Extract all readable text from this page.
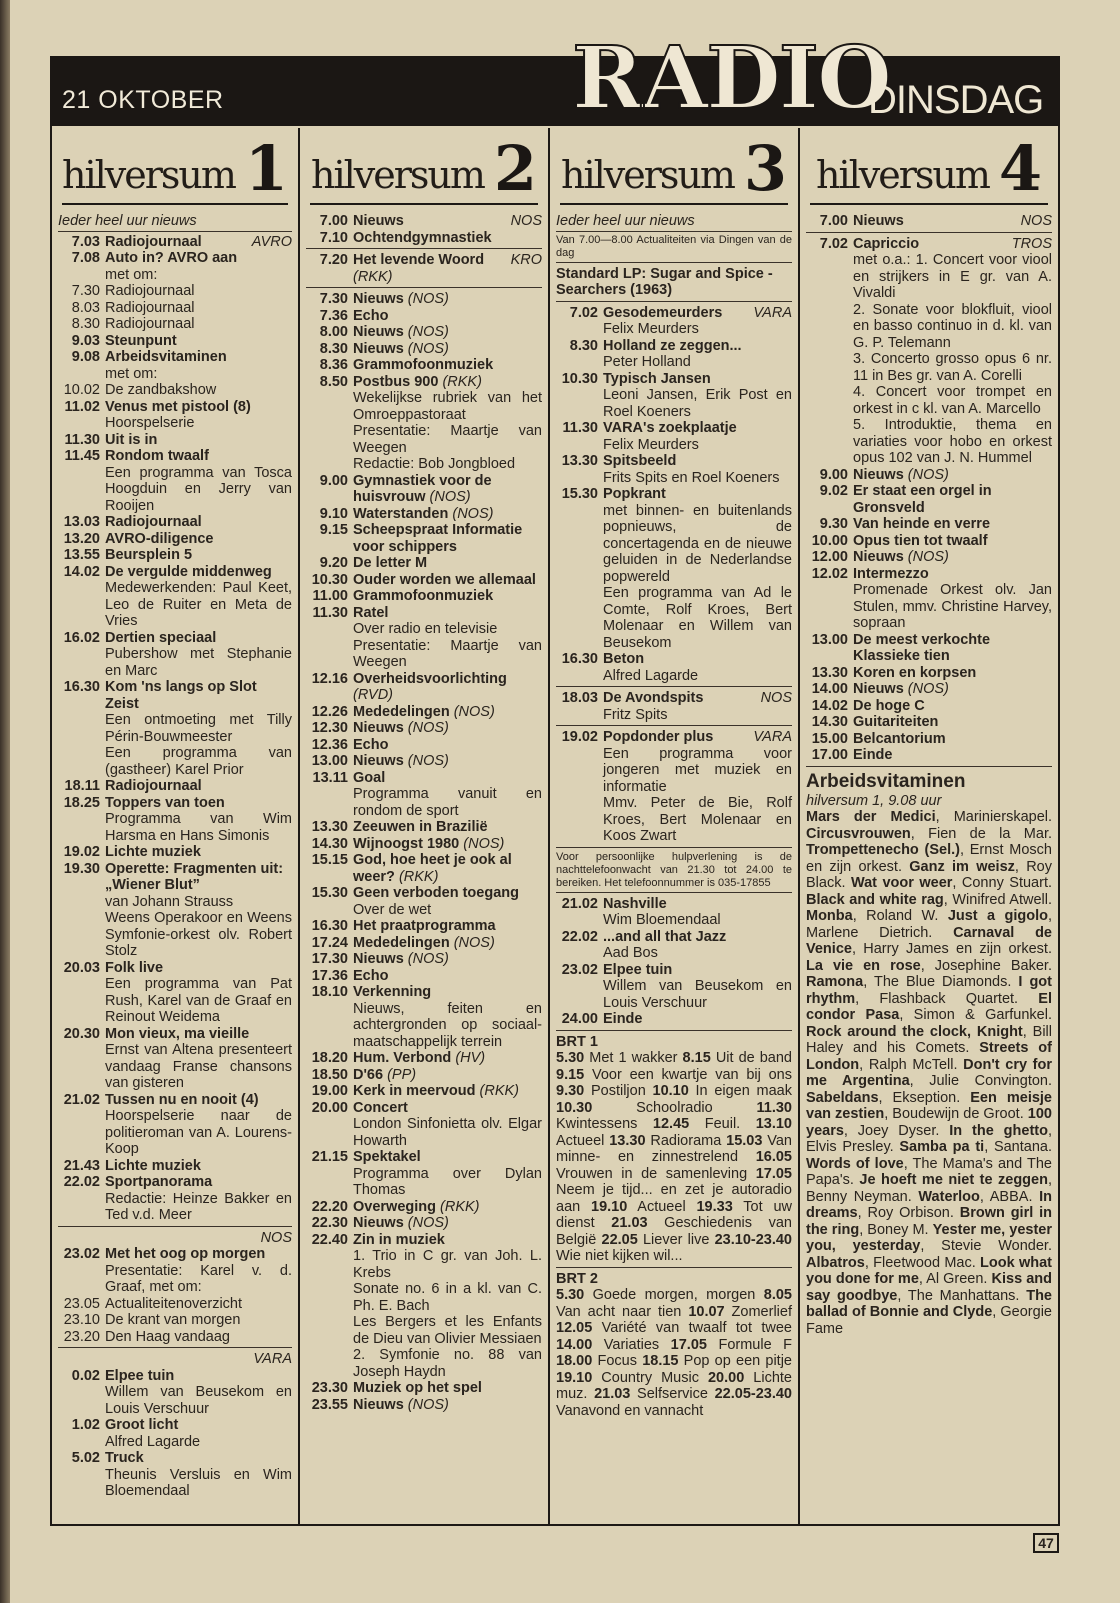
21 OKTOBER	RADIO
DINSDAG
hilversum 1
Ieder heel uur nieuws
7.03 Radiojournaal	AVRO
7.08 Auto in? AVRO aan
met om:
7.30 Radiojournaal
8.03 Radiojournaal
8.30 Radiojournaal
9.03 Steunpunt
9.08 Arbeidsvitaminen
met om:
10.02 De zandbakshow
11.02 Venus met pistool (8)
Hoorspelserie
11.30 Uit is in
11.45 Rondom twaalf
Een programma van Tosca Hoogduin en Jerry van Rooijen
13.03 Radiojournaal
13.20 AVRO-diligence
13.55 Beursplein 5
14.02 De vergulde middenweg
Medewerkenden: Paul Keet, Leo de Ruiter en Meta de Vries
16.02 Dertien speciaal
Pubershow met Stephanie en Marc
16.30 Kom 'ns langs op Slot Zeist
Een ontmoeting met Tilly Périn-Bouwmeester
Een programma van (gastheer) Karel Prior
18.11 Radiojournaal
18.25 Toppers van toen
Programma van Wim Harsma en Hans Simonis
19.02 Lichte muziek
19.30 Operette: Fragmenten uit: „Wiener Blut”
van Johann Strauss
Weens Operakoor en Weens Symfonie-orkest olv. Robert Stolz
20.03 Folk live
Een programma van Pat Rush, Karel van de Graaf en Reinout Weidema
20.30 Mon vieux, ma vieille
Ernst van Altena presenteert vandaag Franse chansons van gisteren
21.02 Tussen nu en nooit (4)
Hoorspelserie naar de politieroman van A. Lourens-Koop
21.43 Lichte muziek
22.02 Sportpanorama
Redactie: Heinze Bakker en Ted v.d. Meer
NOS
23.02 Met het oog op morgen
Presentatie: Karel v. d. Graaf, met om:
23.05 Actualiteitenoverzicht
23.10 De krant van morgen
23.20 Den Haag vandaag
VARA
0.02 Elpee tuin
Willem van Beusekom en Louis Verschuur
1.02 Groot licht
Alfred Lagarde
5.02 Truck
Theunis Versluis en Wim Bloemendaal
hilversum 2
7.00 Nieuws	NOS
7.10 Ochtendgymnastiek
7.20 Het levende Woord KRO
(RKK)
7.30 Nieuws (NOS)
7.36 Echo
8.00 Nieuws (NOS)
8.30 Nieuws (NOS)
8.36 Grammofoonmuziek
8.50 Postbus 900 (RKK)
Wekelijkse rubriek van het Omroeppastoraat
Presentatie: Maartje van Weegen
Redactie: Bob Jongbloed
9.00 Gymnastiek voor de huisvrouw (NOS)
9.10 Waterstanden (NOS)
9.15 Scheepspraat Informatie voor schippers
9.20 De letter M
10.30 Ouder worden we allemaal
11.00 Grammofoonmuziek
11.30 Ratel
Over radio en televisie
Presentatie: Maartje van Weegen
12.16 Overheidsvoorlichting
(RVD)
12.26 Mededelingen (NOS)
12.30 Nieuws (NOS)
12.36 Echo
13.00 Nieuws (NOS)
13.11 Goal
Programma vanuit en rondom de sport
13.30 Zeeuwen in Brazilië
14.30 Wijnoogst 1980 (NOS)
15.15 God, hoe heet je ook al weer? (RKK)
15.30 Geen verboden toegang
Over de wet
16.30 Het praatprogramma
17.24 Mededelingen (NOS)
17.30 Nieuws (NOS)
17.36 Echo
18.10 Verkenning
Nieuws, feiten en achtergronden op sociaal-maatschappelijk terrein
18.20 Hum. Verbond (HV)
18.50 D'66 (PP)
19.00 Kerk in meervoud (RKK)
20.00 Concert
London Sinfonietta olv. Elgar Howarth
21.15 Spektakel
Programma over Dylan Thomas
22.20 Overweging (RKK)
22.30 Nieuws (NOS)
22.40 Zin in muziek
1. Trio in C gr. van Joh. L. Krebs
Sonate no. 6 in a kl. van C. Ph. E. Bach
Les Bergers et les Enfants de Dieu van Olivier Messiaen
2. Symfonie no. 88 van Joseph Haydn
23.30 Muziek op het spel
23.55 Nieuws (NOS)
hilversum 3
Ieder heel uur nieuws
Van 7.00—8.00 Actualiteiten via Dingen van de dag
Standard LP: Sugar and Spice - Searchers (1963)
7.02 Gesodemeurders VARA
Felix Meurders
8.30 Holland ze zeggen...
Peter Holland
10.30 Typisch Jansen
Leoni Jansen, Erik Post en Roel Koeners
11.30 VARA's zoekplaatje
Felix Meurders
13.30 Spitsbeeld
Frits Spits en Roel Koeners
15.30 Popkrant
met binnen- en buitenlands popnieuws, de concertagenda en de nieuwe geluiden in de Nederlandse popwereld
Een programma van Ad le Comte, Rolf Kroes, Bert Molenaar en Willem van Beusekom
16.30 Beton
Alfred Lagarde
18.03 De Avondspits	NOS
Fritz Spits
19.02 Popdonder plus	VARA
Een programma voor jongeren met muziek en informatie
Mmv. Peter de Bie, Rolf Kroes, Bert Molenaar en Koos Zwart
Voor persoonlijke hulpverlening is de nachttelefoonwacht van 21.30 tot 24.00 te bereiken. Het telefoonnummer is 035-17855
21.02 Nashville
Wim Bloemendaal
22.02 ...and all that Jazz
Aad Bos
23.02 Elpee tuin
Willem van Beusekom en Louis Verschuur
24.00 Einde
BRT 1
5.30 Met 1 wakker 8.15 Uit de band 9.15 Voor een kwartje van bij ons 9.30 Postiljon 10.10 In eigen maak 10.30 Schoolradio 11.30 Kwintessens 12.45 Feuil. 13.10 Actueel 13.30 Radiorama 15.03 Van minne- en zinnestrelend 16.05 Vrouwen in de samenleving 17.05 Neem je tijd... en zet je autoradio aan 19.10 Actueel 19.33 Tot uw dienst 21.03 Geschiedenis van België 22.05 Liever live 23.10-23.40 Wie niet kijken wil...
BRT 2
5.30 Goede morgen, morgen 8.05 Van acht naar tien 10.07 Zomerlief 12.05 Variété van twaalf tot twee 14.00 Variaties 17.05 Formule F 18.00 Focus 18.15 Pop op een pitje 19.10 Country Music 20.00 Lichte muz. 21.03 Selfservice 22.05-23.40 Vanavond en vannacht
hilversum 4
7.00 Nieuws	NOS
7.02 Capriccio	TROS
met o.a.: 1. Concert voor viool en strijkers in E gr. van A. Vivaldi
2. Sonate voor blokfluit, viool en basso continuo in d. kl. van G. P. Telemann
3. Concerto grosso opus 6 nr. 11 in Bes gr. van A. Corelli
4. Concert voor trompet en orkest in c kl. van A. Marcello
5. Introduktie, thema en variaties voor hobo en orkest opus 102 van J. N. Hummel
9.00 Nieuws (NOS)
9.02 Er staat een orgel in Gronsveld
9.30 Van heinde en verre
10.00 Opus tien tot twaalf
12.00 Nieuws (NOS)
12.02 Intermezzo
Promenade Orkest olv. Jan Stulen, mmv. Christine Harvey, sopraan
13.00 De meest verkochte Klassieke tien
13.30 Koren en korpsen
14.00 Nieuws (NOS)
14.02 De hoge C
14.30 Guitariteiten
15.00 Belcantorium
17.00 Einde
Arbeidsvitaminen
hilversum 1, 9.08 uur
Mars der Medici, Marinierskapel. Circusvrouwen, Fien de la Mar. Trompettenecho (Sel.), Ernst Mosch en zijn orkest. Ganz im weisz, Roy Black. Wat voor weer, Conny Stuart. Black and white rag, Winifred Atwell. Monba, Roland W. Just a gigolo, Marlene Dietrich. Carnaval de Venice, Harry James en zijn orkest. La vie en rose, Josephine Baker. Ramona, The Blue Diamonds. I got rhythm, Flashback Quartet. El condor Pasa, Simon & Garfunkel. Rock around the clock, Knight, Bill Haley and his Comets. Streets of London, Ralph McTell. Don't cry for me Argentina, Julie Convington. Sabeldans, Ekseption. Een meisje van zestien, Boudewijn de Groot. 100 years, Joey Dyser. In the ghetto, Elvis Presley. Samba pa ti, Santana. Words of love, The Mama's and The Papa's. Je hoeft me niet te zeggen, Benny Neyman. Waterloo, ABBA. In dreams, Roy Orbison. Brown girl in the ring, Boney M. Yester me, yester you, yesterday, Stevie Wonder. Albatros, Fleetwood Mac. Look what you done for me, Al Green. Kiss and say goodbye, The Manhattans. The ballad of Bonnie and Clyde, Georgie Fame
47
